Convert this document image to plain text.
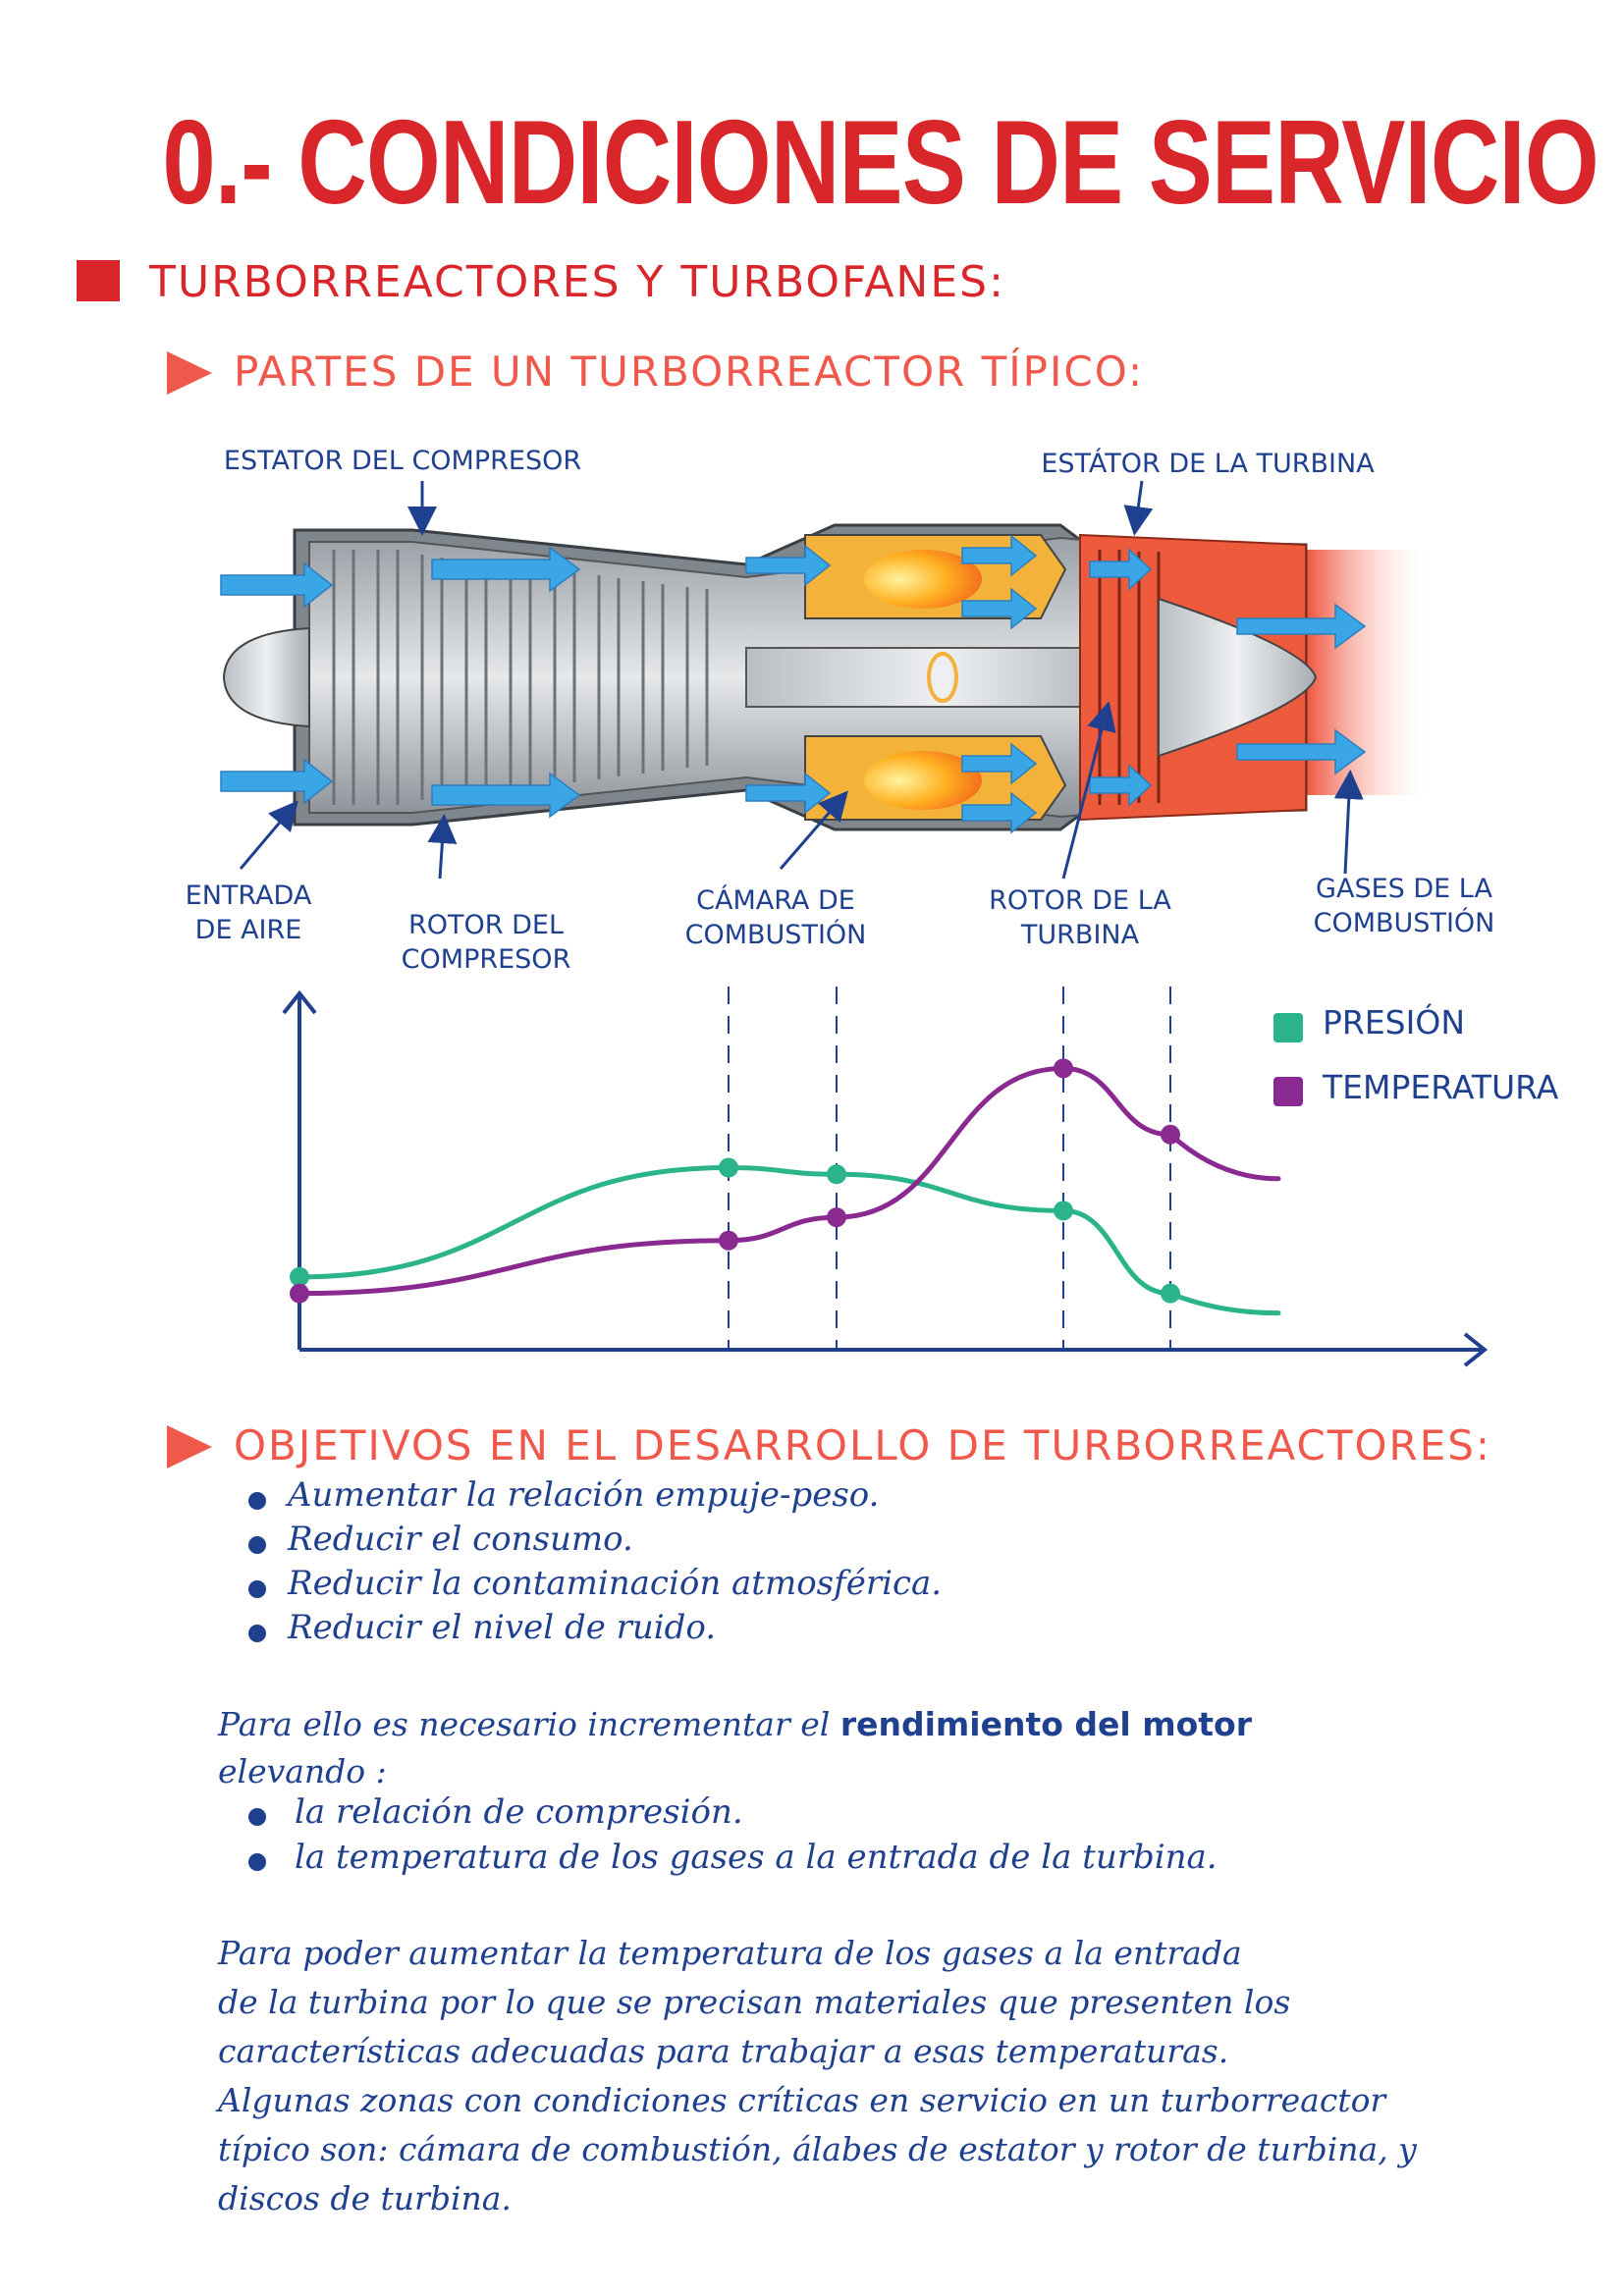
0.- CONDICIONES DE SERVICIO
TURBORREACTORES Y TURBOFANES:
PARTES DE UN TURBORREACTOR TÍPICO:
ESTATOR DEL COMPRESOR	ESTÁTOR DE LA TURBINA
ENTRADA
DE AIRE	ROTOR DEL
COMPRESOR
CÁMARA DE
COMBUSTIÓN
ROTOR DE LA
TURBINA
GASES DE LA
COMBUSTIÓN
PRESIÓN
TEMPERATURA
OBJETIVOS EN EL DESARROLLO DE TURBORREACTORES:
Aumentar la relación empuje-peso.
Reducir el consumo.
Reducir la contaminación atmosférica.
Reducir el nivel de ruido.
Para ello es necesario incrementar el rendimiento del motor
elevando :
la relación de compresión.
la temperatura de los gases a la entrada de la turbina.
Para poder aumentar la temperatura de los gases a la entrada
de la turbina por lo que se precisan materiales que presenten los
características adecuadas para trabajar a esas temperaturas.
Algunas zonas con condiciones críticas en servicio en un turborreactor
típico son: cámara de combustión, álabes de estator y rotor de turbina, y
discos de turbina.
